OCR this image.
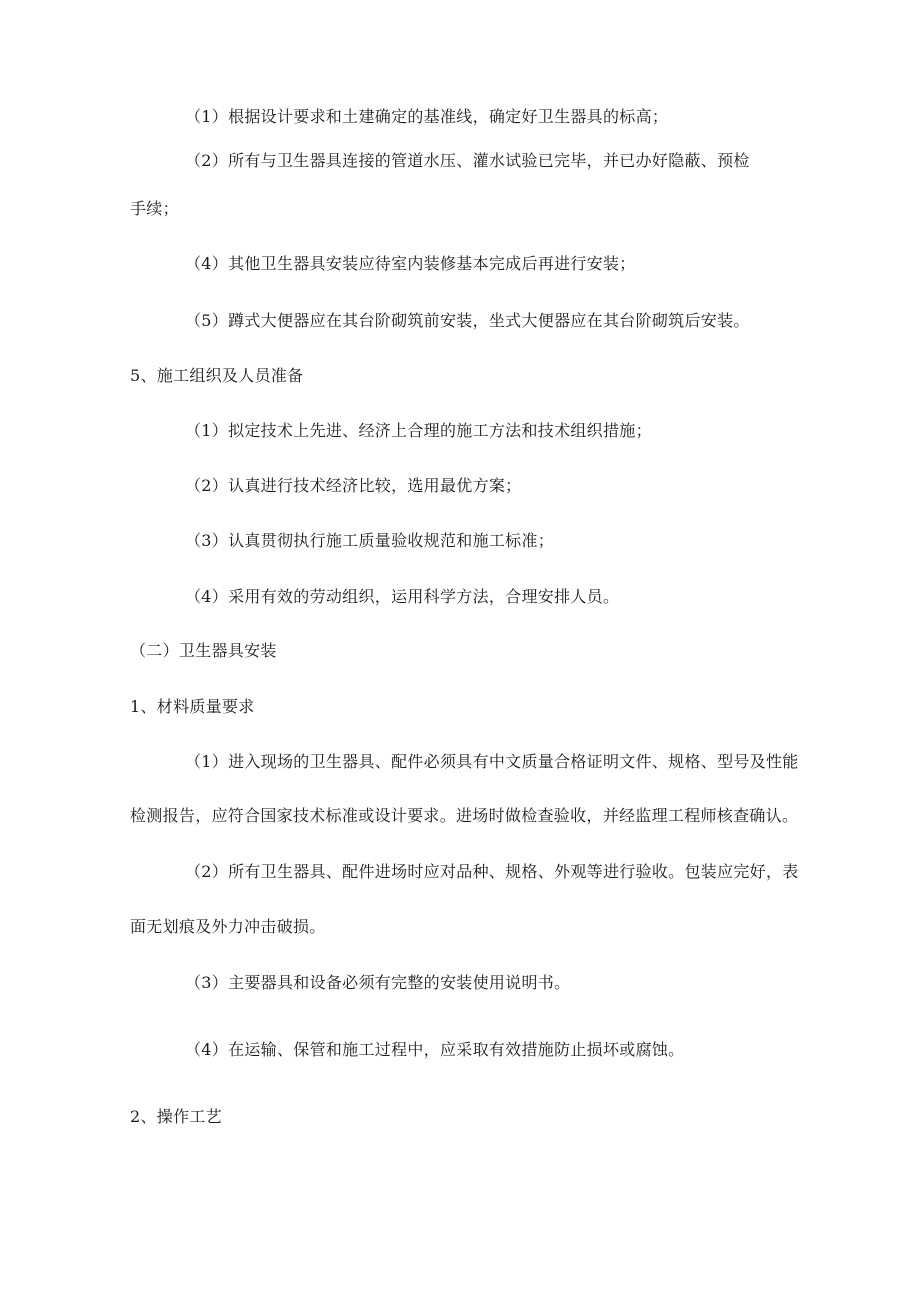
（1）根据设计要求和土建确定的基准线，确定好卫生器具的标高；
（2）所有与卫生器具连接的管道水压、灌水试验已完毕，并已办好隐蔽、预检
手续；
（4）其他卫生器具安装应待室内装修基本完成后再进行安装；
（5）蹲式大便器应在其台阶砌筑前安装，坐式大便器应在其台阶砌筑后安装。
5、施工组织及人员准备
（1）拟定技术上先进、经济上合理的施工方法和技术组织措施；
（2）认真进行技术经济比较，选用最优方案；
（3）认真贯彻执行施工质量验收规范和施工标准；
（4）采用有效的劳动组织，运用科学方法，合理安排人员。
（二）卫生器具安装
1、材料质量要求
（1）进入现场的卫生器具、配件必须具有中文质量合格证明文件、规格、型号及性能
检测报告，应符合国家技术标准或设计要求。进场时做检查验收，并经监理工程师核查确认。
（2）所有卫生器具、配件进场时应对品种、规格、外观等进行验收。包装应完好，表
面无划痕及外力冲击破损。
（3）主要器具和设备必须有完整的安装使用说明书。
（4）在运输、保管和施工过程中，应采取有效措施防止损坏或腐蚀。
2、操作工艺
